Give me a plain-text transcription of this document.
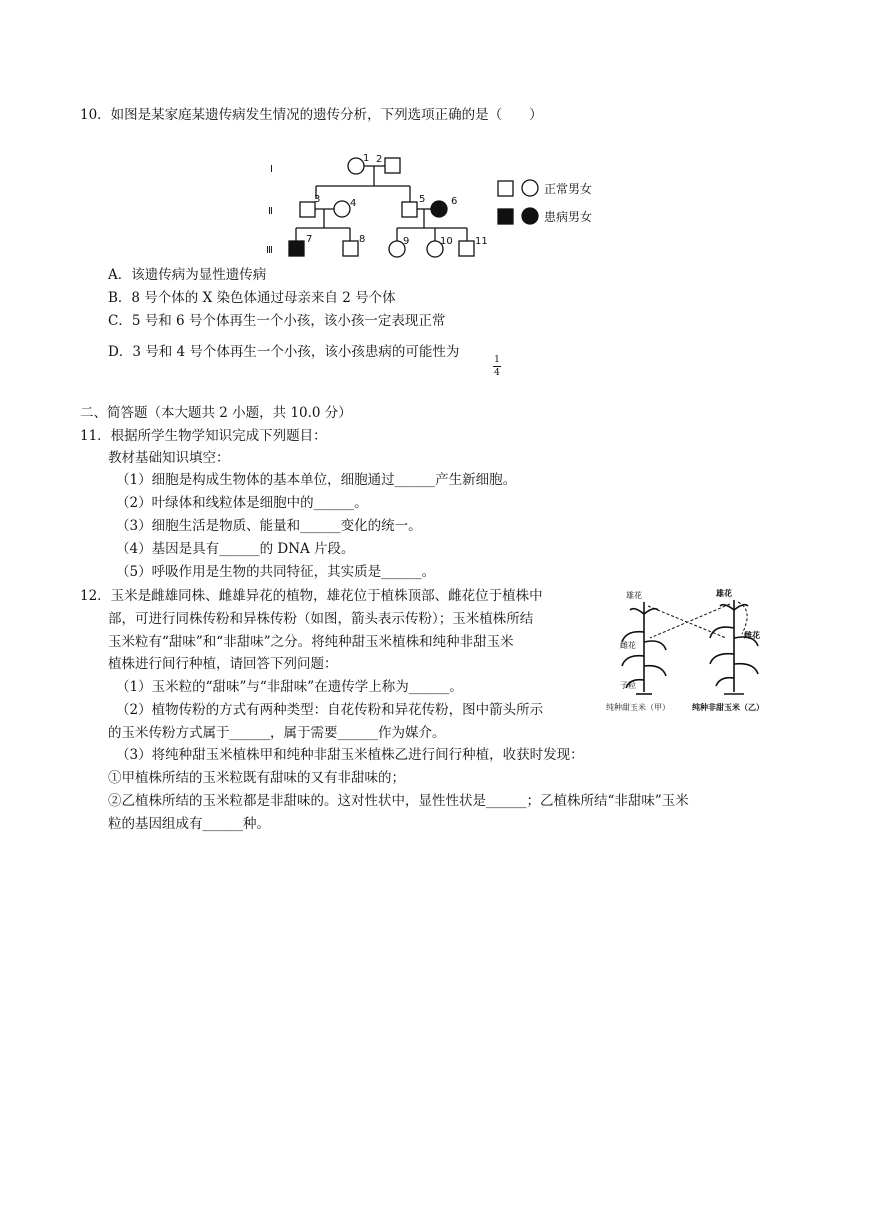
10．如图是某家庭某遗传病发生情况的遗传分析，下列选项正确的是（　　）
Ⅰ
Ⅱ
Ⅲ
1 2
3	4	5	6
7	8	9	10 11
正常男女
患病男女
A．该遗传病为显性遗传病
B．8 号个体的 X 染色体通过母亲来自 2 号个体
C．5 号和 6 号个体再生一个小孩，该小孩一定表现正常
D．3 号和 4 号个体再生一个小孩，该小孩患病的可能性为	1
4
二、简答题（本大题共 2 小题，共 10.0 分）
11．根据所学生物学知识完成下列题目：
教材基础知识填空：
（1）细胞是构成生物体的基本单位，细胞通过______产生新细胞。
（2）叶绿体和线粒体是细胞中的______。
（3）细胞生活是物质、能量和______变化的统一。
（4）基因是具有______的 DNA 片段。
（5）呼吸作用是生物的共同特征，其实质是______。
12．玉米是雌雄同株、雌雄异花的植物，雄花位于植株顶部、雌花位于植株中
部，可进行同株传粉和异株传粉（如图，箭头表示传粉）；玉米植株所结
玉米粒有“甜味”和“非甜味”之分。将纯种甜玉米植株和纯种非甜玉米
植株进行间行种植，请回答下列问题：
（1）玉米粒的“甜味”与“非甜味”在遗传学上称为______。
（2）植物传粉的方式有两种类型：自花传粉和异花传粉，图中箭头所示
的玉米传粉方式属于______，属于需要______作为媒介。
（3）将纯种甜玉米植株甲和纯种非甜玉米植株乙进行间行种植，收获时发现：
①甲植株所结的玉米粒既有甜味的又有非甜味的；
②乙植株所结的玉米粒都是非甜味的。这对性状中，显性性状是______；乙植株所结“非甜味”玉米
粒的基因组成有______种。
雄花
雌花
雄花
雌花
子粒
纯种甜玉米（甲）	纯种非甜玉米（乙）
